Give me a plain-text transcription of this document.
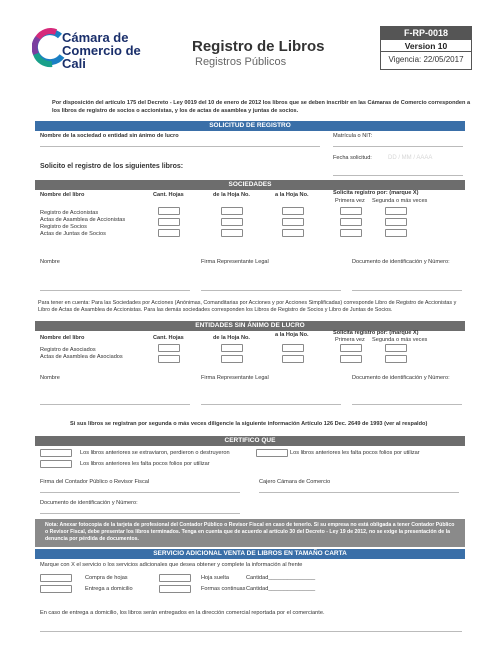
Cámara de
Comercio de
Cali
Registro de Libros
Registros Públicos
F-RP-0018
Version 10
Vigencia: 22/05/2017
Por disposición del artículo 175 del Decreto - Ley 0019 del 10 de enero de 2012 los libros que se deben inscribir en las Cámaras de Comercio corresponden a los libros de registro de socios o accionistas, y los de actas de asamblea y juntas de socios.
SOLICITUD DE REGISTRO
Nombre de la sociedad o entidad sin ánimo de lucro	Matrícula o NIT:
Fecha solicitud:	DD / MM / AAAA
Solicito el registro de los siguientes libros:
SOCIEDADES
Nombre del libro	Cant. Hojas	de la Hoja No.	a la Hoja No.	Solicita registro por: (marque X)
Primera vez Segunda o más veces
Registro de Accionistas
Actas de Asamblea de Accionistas
Registro de Socios
Actas de Juntas de Socios
Nombre	Firma Representante Legal	Documento de identificación y Número:
Para tener en cuenta: Para las Sociedades por Acciones (Anónimas, Comanditarias por Acciones y por Acciones Simplificadas) corresponde Libro de Registro de Accionistas y Libro de Actas de Asamblea de Accionistas. Para las demás sociedades corresponden los Libros de Registro de Socios y Libro de Juntas de Socios.
ENTIDADES SIN ÁNIMO DE LUCRO
Nombre del libro	Cant. Hojas	de la Hoja No.	a la Hoja No.	Solicita registro por: (marque X)
Primera vez Segunda o más veces
Registro de Asociados
Actas de Asamblea de Asociados
Nombre	Firma Representante Legal	Documento de identificación y Número:
Si sus libros se registran por segunda o más veces diligencie la siguiente información Artículo 126 Dec. 2649 de 1993 (ver al respaldo)
CERTIFICO QUE
Los libros anteriores se extraviaron, perdieron o destruyeron
Los libros anteriores les falta pocos folios por utilizar
Los libros anteriores les falta pocos folios por utilizar
Firma del Contador Público o Revisor Fiscal	Cajero Cámara de Comercio
Documento de identificación y Número:
Nota: Anexar fotocopia de la tarjeta de profesional del Contador Público o Revisor Fiscal en caso de tenerlo. Si su empresa no está obligada a tener Contador Público o Revisor Fiscal, debe presentar los libros terminados. Tenga en cuenta que de acuerdo al artículo 30 del Decreto - Ley 19 de 2012, no se exige la presentación de la denuncia por pérdida de documentos.
SERVICIO ADICIONAL VENTA DE LIBROS EN TAMAÑO CARTA
Marque con X el servicio o los servicios adicionales que desea obtener y complete la información al frente
Compra de hojas
Entrega a domicilio
Hoja suelta
Formas continuas
Cantidad_______________
Cantidad_______________
En caso de entrega a domicilio, los libros serán entregados en la dirección comercial reportada por el comerciante.
